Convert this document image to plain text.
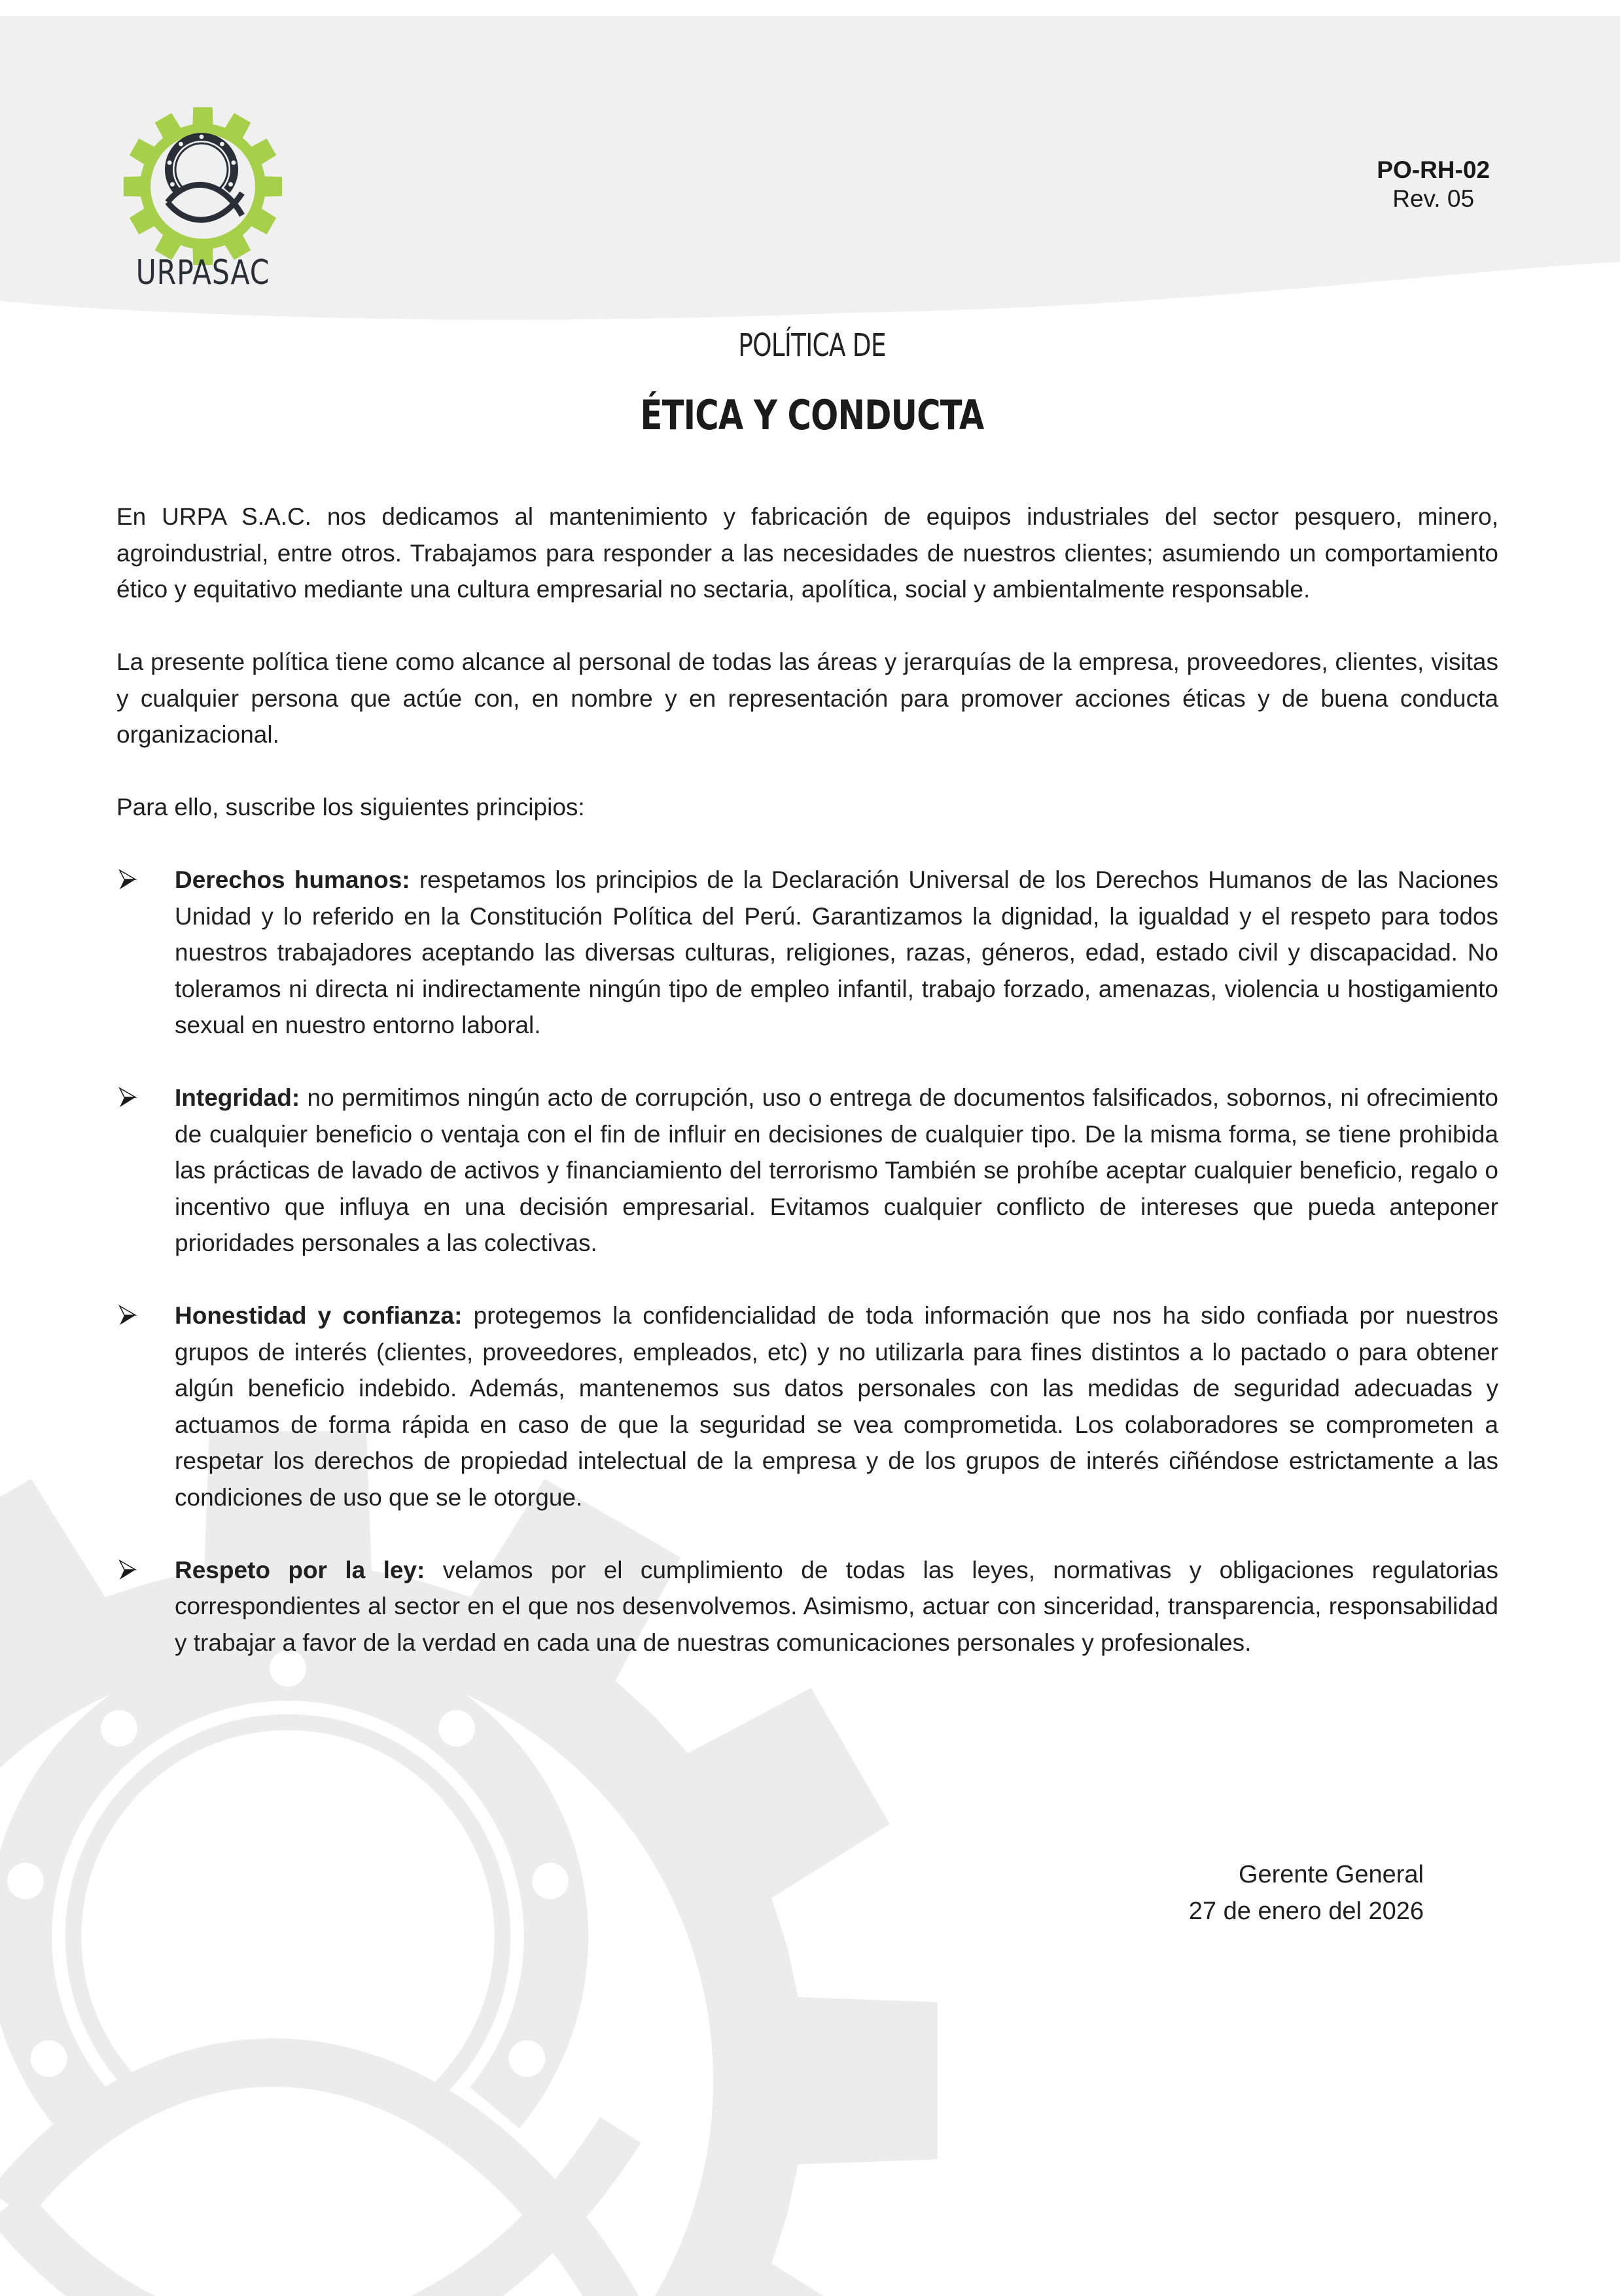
URPASAC
PO-RH-02
Rev. 05
POLÍTICA DE
ÉTICA Y CONDUCTA

En URPA S.A.C. nos dedicamos al mantenimiento y fabricación de equipos industriales del sector pesquero, minero, agroindustrial, entre otros. Trabajamos para responder a las necesidades de nuestros clientes; asumiendo un comportamiento ético y equitativo mediante una cultura empresarial no sectaria, apolítica, social y ambientalmente responsable.

La presente política tiene como alcance al personal de todas las áreas y jerarquías de la empresa, proveedores, clientes, visitas y cualquier persona que actúe con, en nombre y en representación para promover acciones éticas y de buena conducta organizacional.

Para ello, suscribe los siguientes principios:

Derechos humanos: respetamos los principios de la Declaración Universal de los Derechos Humanos de las Naciones Unidad y lo referido en la Constitución Política del Perú. Garantizamos la dignidad, la igualdad y el respeto para todos nuestros trabajadores aceptando las diversas culturas, religiones, razas, géneros, edad, estado civil y discapacidad. No toleramos ni directa ni indirectamente ningún tipo de empleo infantil, trabajo forzado, amenazas, violencia u hostigamiento sexual en nuestro entorno laboral.
Integridad: no permitimos ningún acto de corrupción, uso o entrega de documentos falsificados, sobornos, ni ofrecimiento de cualquier beneficio o ventaja con el fin de influir en decisiones de cualquier tipo. De la misma forma, se tiene prohibida las prácticas de lavado de activos y financiamiento del terrorismo También se prohíbe aceptar cualquier beneficio, regalo o incentivo que influya en una decisión empresarial. Evitamos cualquier conflicto de intereses que pueda anteponer prioridades personales a las colectivas.
Honestidad y confianza: protegemos la confidencialidad de toda información que nos ha sido confiada por nuestros grupos de interés (clientes, proveedores, empleados, etc) y no utilizarla para fines distintos a lo pactado o para obtener algún beneficio indebido. Además, mantenemos sus datos personales con las medidas de seguridad adecuadas y actuamos de forma rápida en caso de que la seguridad se vea comprometida. Los colaboradores se comprometen a respetar los derechos de propiedad intelectual de la empresa y de los grupos de interés ciñéndose estrictamente a las condiciones de uso que se le otorgue.
Respeto por la ley: velamos por el cumplimiento de todas las leyes, normativas y obligaciones regulatorias correspondientes al sector en el que nos desenvolvemos. Asimismo, actuar con sinceridad, transparencia, responsabilidad y trabajar a favor de la verdad en cada una de nuestras comunicaciones personales y profesionales.
Gerente General
27 de enero del 2026
